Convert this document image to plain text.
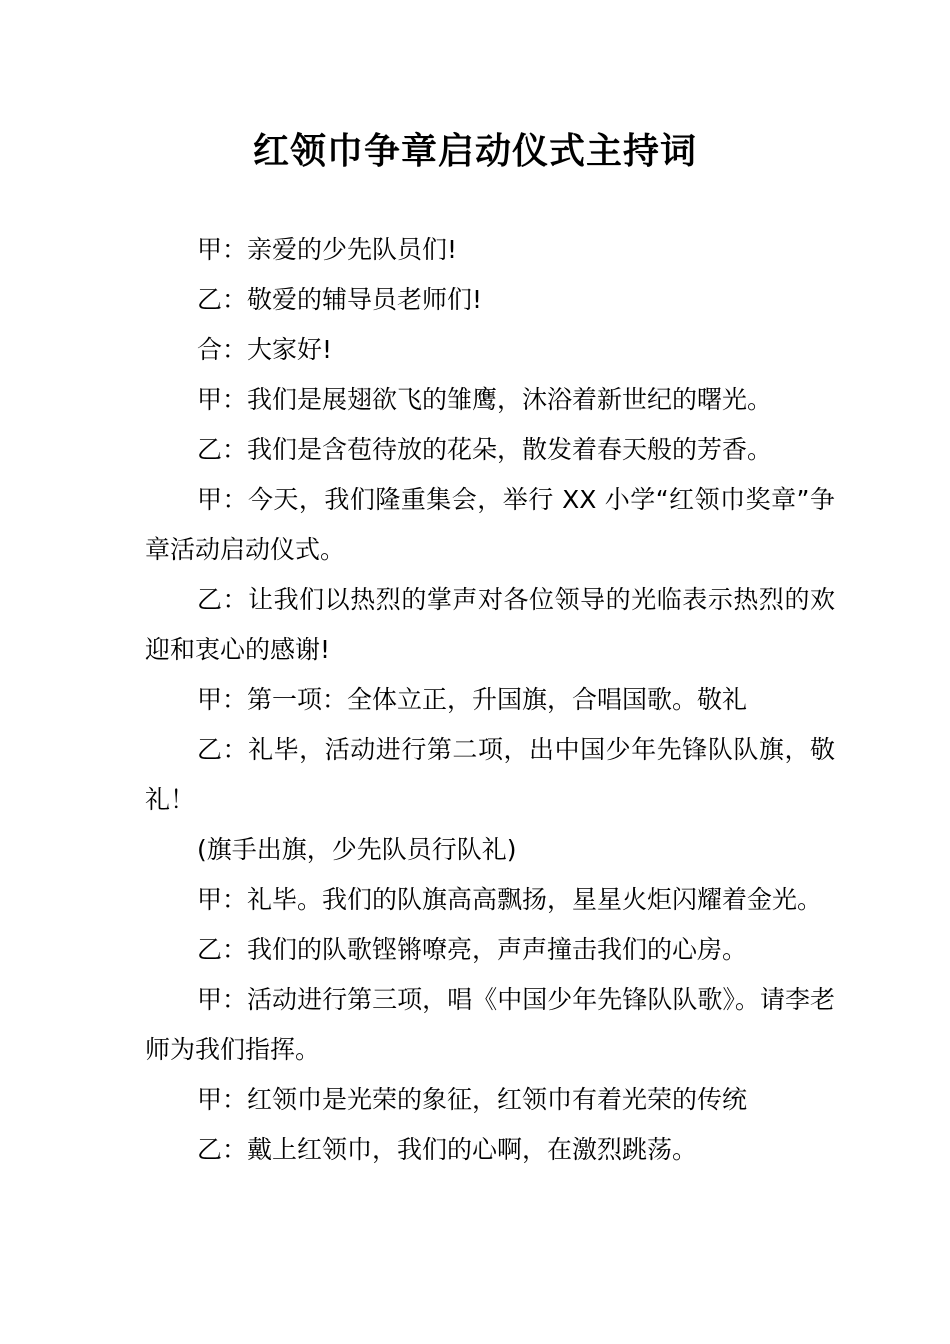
红领巾争章启动仪式主持词

甲：亲爱的少先队员们!

乙：敬爱的辅导员老师们!

合：大家好!

甲：我们是展翅欲飞的雏鹰，沐浴着新世纪的曙光。

乙：我们是含苞待放的花朵，散发着春天般的芳香。

甲：今天，我们隆重集会，举行 XX 小学“红领巾奖章”争章活动启动仪式。

乙：让我们以热烈的掌声对各位领导的光临表示热烈的欢迎和衷心的感谢!

甲：第一项：全体立正，升国旗，合唱国歌。敬礼

乙：礼毕，活动进行第二项，出中国少年先锋队队旗，敬礼！

(旗手出旗，少先队员行队礼)

甲：礼毕。我们的队旗高高飘扬，星星火炬闪耀着金光。

乙：我们的队歌铿锵嘹亮，声声撞击我们的心房。

甲：活动进行第三项，唱《中国少年先锋队队歌》。请李老师为我们指挥。

甲：红领巾是光荣的象征，红领巾有着光荣的传统

乙：戴上红领巾，我们的心啊，在激烈跳荡。
